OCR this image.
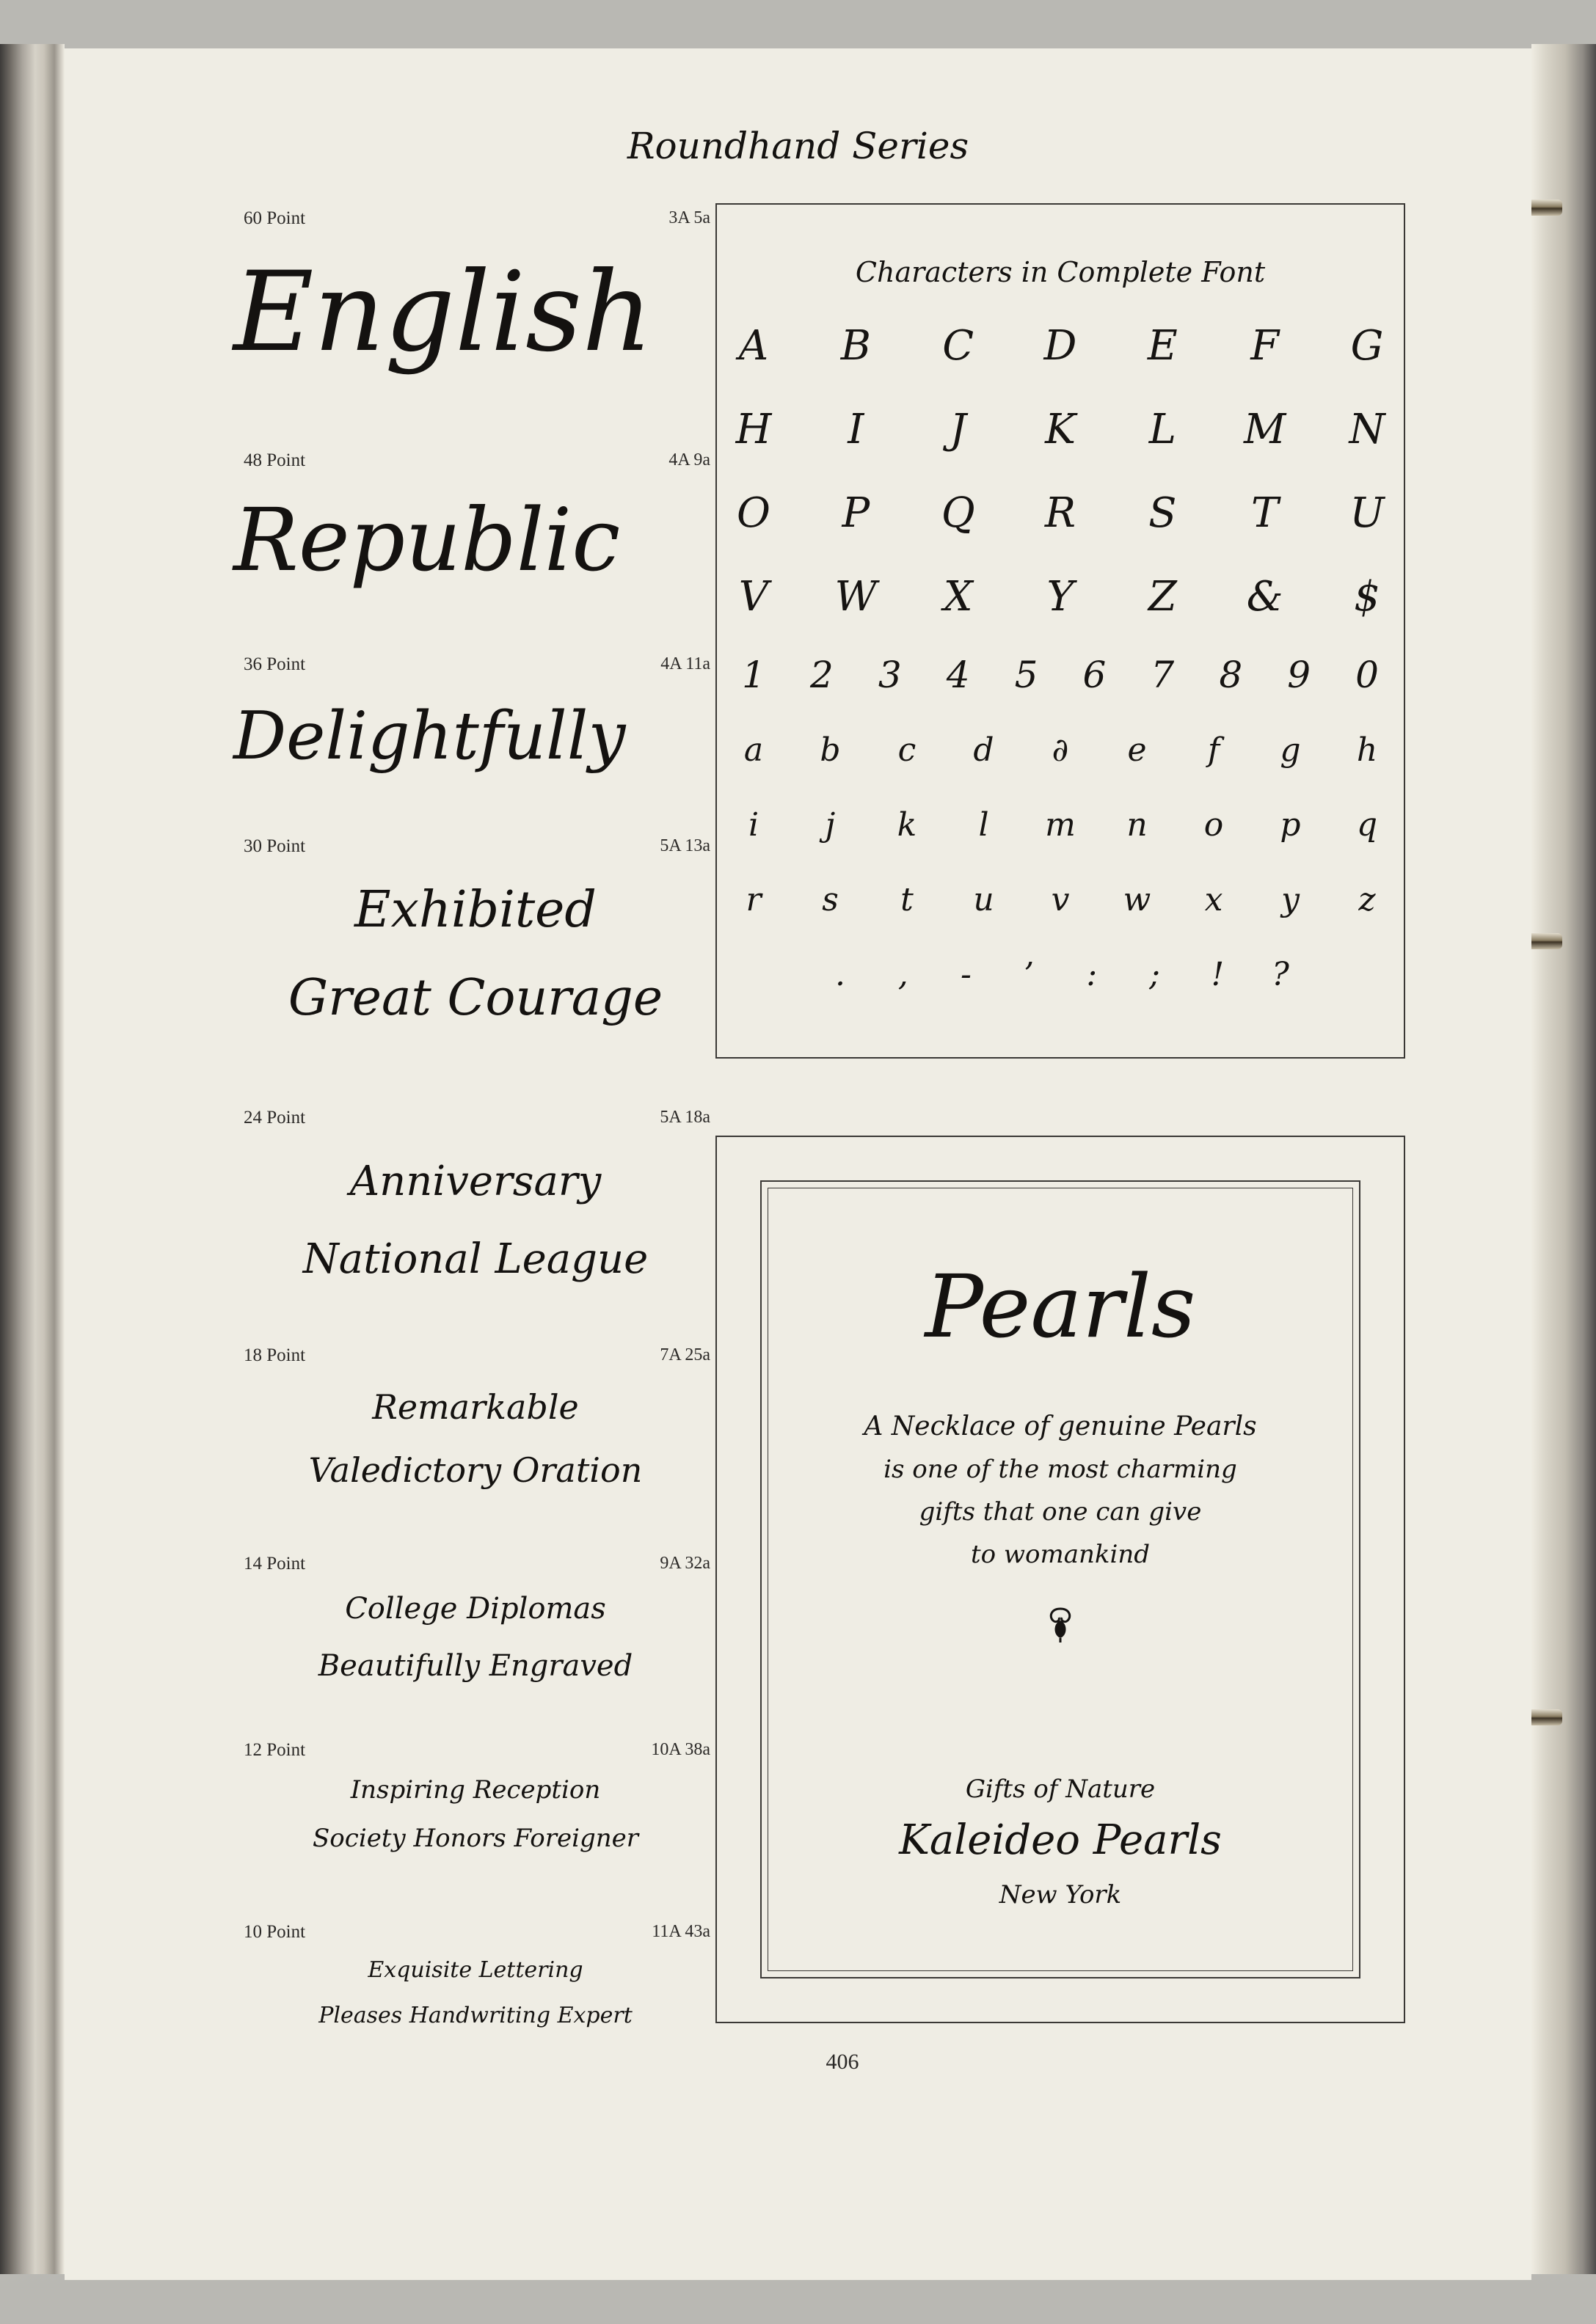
Roundhand Series
60 Point	3A 5a
English
48 Point	4A 9a
Republic
36 Point	4A 11a
Delightfully
30 Point	5A 13a
Exhibited
Great Courage
24 Point	5A 18a
Anniversary
National League
18 Point	7A 25a
Remarkable
Valedictory Oration
14 Point	9A 32a
College Diplomas
Beautifully Engraved
12 Point	10A 38a
Inspiring Reception
Society Honors Foreigner
10 Point	11A 43a
Exquisite Lettering
Pleases Handwriting Expert
Characters in Complete Font
A	B	C	D	E	F	G
H	I	J	K	L	M	N
O	P	Q	R	S	T	U
V	W	X	Y	Z	&	$
1	2	3	4	5	6	7	8	9	0
a	b	c	d	∂	e	f	g	h
i	j	k	l	m	n	o	p	q
r	s	t	u	v	w	x	y	z
.	,	-	’	:	;	!	?
Pearls
A Necklace of genuine Pearls
is one of the most charming
gifts that one can give
to womankind
Gifts of Nature
Kaleideo Pearls
New York
406
